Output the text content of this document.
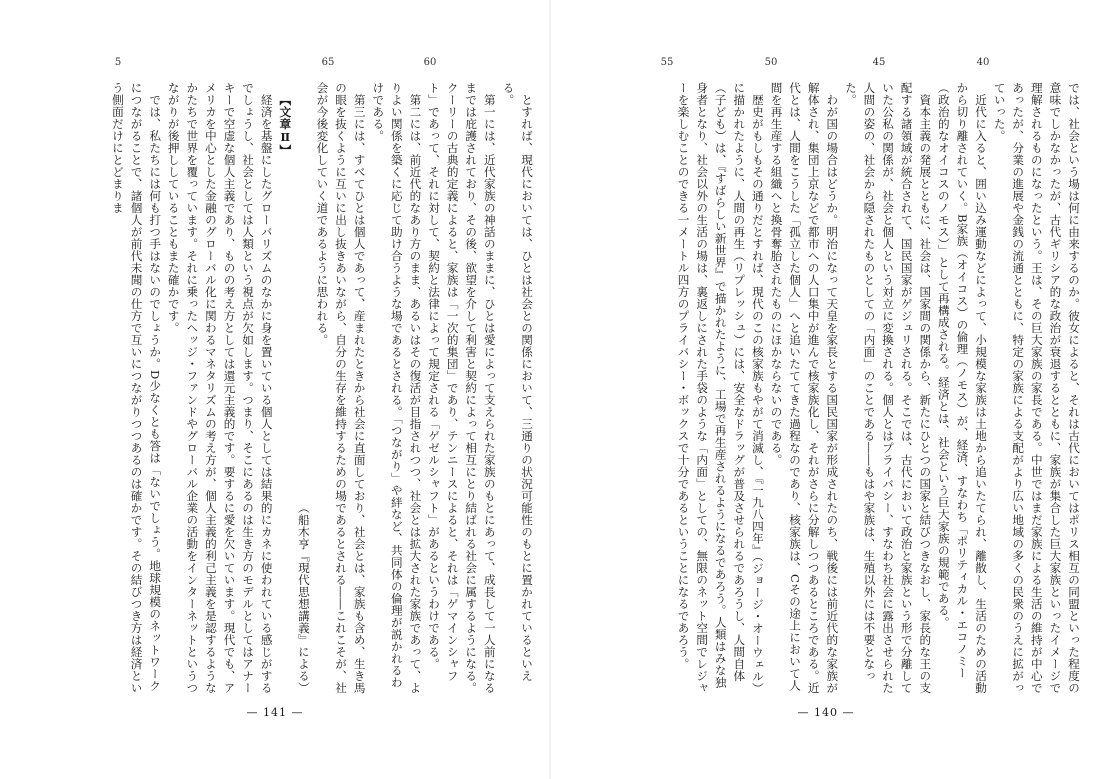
65	60
5

とすれば、現代においては、ひとは社会との関係において、三通りの状況可能性のもとに置かれているといえる。

第一には、近代家族の神話のままに、ひとは愛によって支えられた家族のもとにあって、成長して一人前になるまでは庇護されており、その後、欲望を介して利害と契約によって相互にとり結ばれる社会に属するようになる。クーリーの古典的定義によると、家族は「一次的集団」であり、テンニースによると、それは「ゲマインシャフト」であって、それに対して、契約と法律によって規定される「ゲゼルシャフト」があるというわけである。

第二には、前近代的なあり方のまま、あるいはその復活が目指されつつ、社会とは拡大された家族であって、よりよい関係を築くに応じて助け合うような場であるとされる。「つながり」や絆など、共同体の倫理が説かれるわけである。

第三には、すべてひとは個人であって、産まれたときから社会に直面しており、社会とは、家族も含め、生き馬の眼を抜くように互いに出し抜きあいながら、自分の生存を維持するための場であるとされる――これこそが、社会が今後変化していく道であるように思われる。

（船木亨『現代思想講義』による）

【文章Ⅱ】

経済を基盤にしたグローバリズムのなかに身を置いている個人としては結果的にカネに使われている感じがするでしょうし、社会としては人類という視点が欠如します。つまり、そこにあるのは生き方のモデルとしてはアナーキーで空虚な個人主義であり、ものの考え方としては還元主義的です。要するに愛を欠いています。現代でも、アメリカを中心とした金融のグローバル化に関わるマネタリズムの考え方が、個人主義的利己主義を是認するようなかたちで世界を覆っています。それに乗ったヘッジ・ファンドやグローバル企業の活動をインターネットというつながりが後押ししていることもまた確かです。

では、私たちには何も打つ手はないのでしょうか。D少なくとも答は「ないでしょう。地球規模のネットワークにつながることで、諸個人が前代未聞の仕方で互いにつながりつつあるのは確かです。その結びつき方は経済という側面だけにとどまりま

— 141 —
55	50	45	40

では、社会という場は何に由来するのか。彼女によると、それは古代においてはポリス相互の同盟といった程度の意味でしかなかったが、古代ギリシア的な政治が衰退するとともに、家族が集合した巨大家族といったイメージで理解されるものになったという。王は、その巨大家族の家長である。中世ではまだ家族による生活の維持が中心であったが、分業の進展や金銭の流通とともに、特定の家族による支配がより広い地域の多くの民衆のうえに拡がっていった。

近代に入ると、囲い込み運動などによって、小規模な家族は土地から追いたてられ、離散し、生活のための活動から切り離されていく。B家族（オイコス）の倫理（ノモス）が、経済、すなわち「ポリティカル・エコノミー（政治的なオイコスのノモス）」として再構成される。経済とは、社会という巨大家族の規範である。

資本主義の発展とともに、社会は、国家間の関係から、新たにひとつの国家と結びつきなおし、家長的な王の支配する諸領域が統合されて、国民国家がゲジュリされる。そこでは、古代において政治と家族という形で分離していた公私の関係が、社会と個人という対立に変換される。個人とはプライバシー、すなわち社会に露出させられた人間の姿の、社会から隠されたものとしての「内面」のことである――もはや家族は、生殖以外には不要となった。

わが国の場合はどうか。明治になって天皇を家長とする国民国家が形成されたのち、戦後には前近代的な家族が解体され、集団上京などで都市への人口集中が進んで核家族化し、それがさらに分解しつつあるところである。近代とは、人間をこうした「孤立した個人」へと追いたててきた過程なのであり、核家族は、Cその途上において人間を再生産する組織へと換骨奪胎されたものにほかならないのである。

歴史がもしもその通りだとすれば、現代のこの核家族もやがて消滅し、『一九八四年』（ジョージ・オーウェル）に描かれたように、人間の再生（リプレッシュ）には、安全なドラッグが普及させられるであろうし、人間自体（子ども）は、『すばらしい新世界』で描かれたように、工場で再生産されるようになるであろう。人類はみな独身者となり、社会以外の生活の場は、裏返しにされた手袋のような「内面」としての、無限のネット空間でレジャーを楽しむことのできる一メートル四方のプライバシー・ボックスで十分であるということになるであろう。

— 140 —
